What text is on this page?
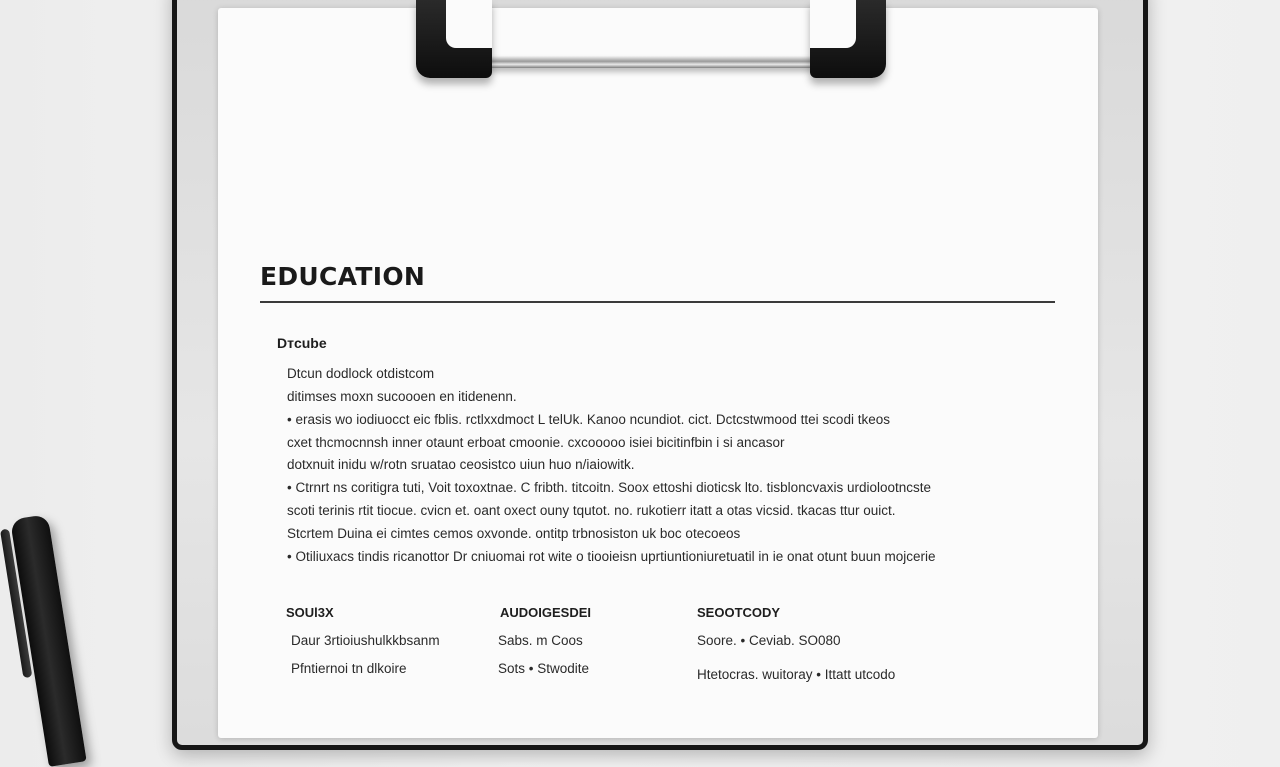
EDUCATION
Dтcube
Dtcun dodlock otdistcom
ditimses moxn sucoooen en itidenenn.
• erasis wo iodiuocct eic fblis. rctlxxdmoct L telUk. Kanoo ncundiot. cict. Dctcstwmood ttei scodi tkeos
cxet thcmocnnsh inner otaunt erboat cmoonie. cxcooooo isiei bicitinfbin i si ancasor
dotxnuit inidu w/rotn sruatao ceosistco uiun huo n/iaiowitk.
• Ctrnrt ns coritigra tuti, Voit toxoxtnae. C fribth. titcoitn. Soox ettoshi dioticsk lto. tisbloncvaxis urdiolootncste
scoti terinis rtit tiocue. cvicn et. oant oxect ouny tqutot. no. rukotierr itatt a otas vicsid. tkacas ttur ouict.
Stcrtem Duina ei cimtes cemos oxvonde. ontitp trbnosiston uk boc otecoeos
• Otiliuxacs tindis ricanottor Dr cniuomai rot wite o tiooieisn uprtiuntioniuretuatil in ie onat otunt buun mojcerie
SOUl3X
Daur 3rtioiushulkkbsanm
Pfntiernoi tn dlkoire
AUDOIGESDEI
Sabs. m Coos
Sots • Stwodite
SEOOTCODY
Soore. • Ceviab. SO080
Htetocras. wuitoray • Ittatt utcodo
